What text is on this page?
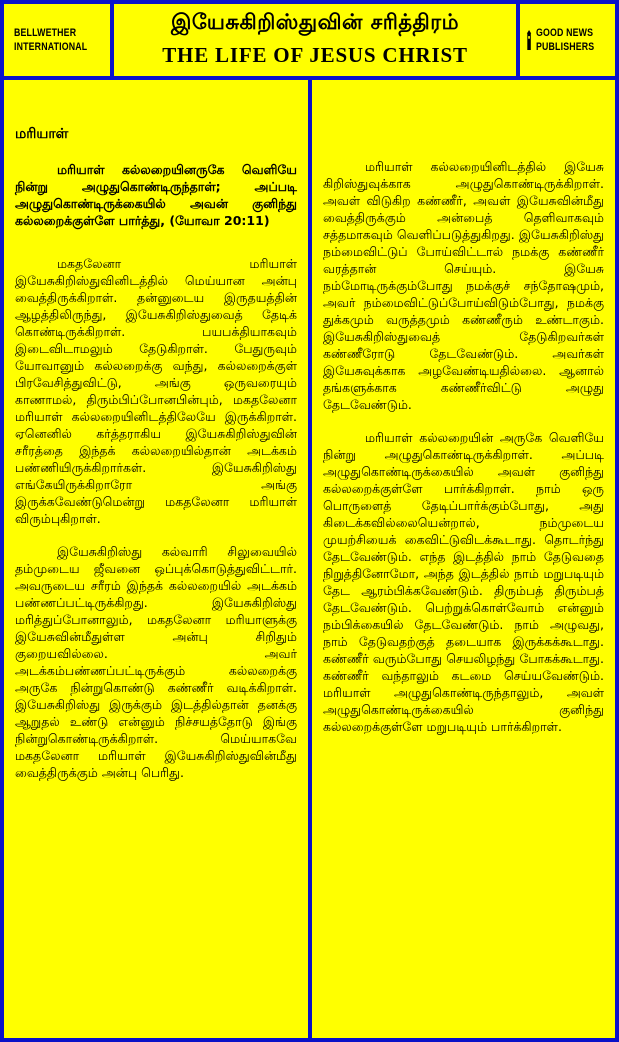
BELLWETHER
INTERNATIONAL
இயேசுகிறிஸ்துவின் சரித்திரம்
THE LIFE OF JESUS CHRIST
GOOD NEWS
PUBLISHERS
மரியாள்
மரியாள் கல்லறையினருகே வெளியே நின்று அழுதுகொண்டிருந்தாள்; அப்படி அழுதுகொண்டிருக்கையில் அவன் குனிந்து கல்லறைக்குள்ளே பார்த்து, (யோவா 20:11)

மகதலேனா மரியாள் இயேசுகிறிஸ்துவினிடத்தில் மெய்யான அன்பு வைத்திருக்கிறாள். தன்னுடைய இருதயத்தின் ஆழத்திலிருந்து, இயேசுகிறிஸ்துவைத் தேடிக் கொண்டிருக்கிறாள். பயபக்தியாகவும் இடைவிடாமலும் தேடுகிறாள். பேதுருவும் யோவானும் கல்லறைக்கு வந்து, கல்லறைக்குள் பிரவேசித்துவிட்டு, அங்கு ஒருவரையும் காணாமல், திரும்பிப்போனபின்பும், மகதலேனா மரியாள் கல்லறையினிடத்திலேயே இருக்கிறாள். ஏனெனில் கர்த்தராகிய இயேசுகிறிஸ்துவின் சரீரத்தை இந்தக் கல்லறையில்தான் அடக்கம் பண்ணியிருக்கிறார்கள். இயேசுகிறிஸ்து எங்கேயிருக்கிறாரோ அங்கு இருக்கவேண்டுமென்று மகதலேனா மரியாள் விரும்புகிறாள்.

இயேசுகிறிஸ்து கல்வாரி சிலுவையில் தம்முடைய ஜீவனை ஒப்புக்கொடுத்துவிட்டார். அவருடைய சரீரம் இந்தக் கல்லறையில் அடக்கம் பண்ணப்பட்டிருக்கிறது. இயேசுகிறிஸ்து மரித்துப்போனாலும், மகதலேனா மரியாளுக்கு இயேசுவின்மீதுள்ள அன்பு சிறிதும் குறையவில்லை. அவர் அடக்கம்பண்ணப்பட்டிருக்கும் கல்லறைக்கு அருகே நின்றுகொண்டு கண்ணீர் வடிக்கிறாள். இயேசுகிறிஸ்து இருக்கும் இடத்தில்தான் தனக்கு ஆறுதல் உண்டு என்னும் நிச்சயத்தோடு இங்கு நின்றுகொண்டிருக்கிறாள். மெய்யாகவே மகதலேனா மரியாள் இயேசுகிறிஸ்துவின்மீது வைத்திருக்கும் அன்பு பெரிது.

மரியாள் கல்லறையினிடத்தில் இயேசு கிறிஸ்துவுக்காக அழுதுகொண்டிருக்கிறாள். அவள் விடுகிற கண்ணீர், அவள் இயேசுவின்மீது வைத்திருக்கும் அன்பைத் தெளிவாகவும் சத்தமாகவும் வெளிப்படுத்துகிறது. இயேசுகிறிஸ்து நம்மைவிட்டுப் போய்விட்டால் நமக்கு கண்ணீர் வரத்தான் செய்யும். இயேசு நம்மோடிருக்கும்போது நமக்குச் சந்தோஷமும், அவர் நம்மைவிட்டுப்போய்விடும்போது, நமக்கு துக்கமும் வருத்தமும் கண்ணீரும் உண்டாகும். இயேசுகிறிஸ்துவைத் தேடுகிறவர்கள் கண்ணீரோடு தேடவேண்டும். அவர்கள் இயேசுவுக்காக அழவேண்டியதில்லை. ஆனால் தங்களுக்காக கண்ணீர்விட்டு அழுது தேடவேண்டும்.

மரியாள் கல்லறையின் அருகே வெளியே நின்று அழுதுகொண்டிருக்கிறாள். அப்படி அழுதுகொண்டிருக்கையில் அவள் குனிந்து கல்லறைக்குள்ளே பார்க்கிறாள். நாம் ஒரு பொருளைத் தேடிப்பார்க்கும்போது, அது கிடைக்கவில்லையென்றால், நம்முடைய முயற்சியைக் கைவிட்டுவிடக்கூடாது. தொடர்ந்து தேடவேண்டும். எந்த இடத்தில் நாம் தேடுவதை நிறுத்தினோமோ, அந்த இடத்தில் நாம் மறுபடியும் தேட ஆரம்பிக்கவேண்டும். திரும்பத் திரும்பத் தேடவேண்டும். பெற்றுக்கொள்வோம் என்னும் நம்பிக்கையில் தேடவேண்டும். நாம் அழுவது, நாம் தேடுவதற்குத் தடையாக இருக்கக்கூடாது. கண்ணீர் வரும்போது செயலிழந்து போகக்கூடாது. கண்ணீர் வந்தாலும் கடமை செய்யவேண்டும். மரியாள் அழுதுகொண்டிருந்தாலும், அவள் அழுதுகொண்டிருக்கையில் குனிந்து கல்லறைக்குள்ளே மறுபடியும் பார்க்கிறாள்.
